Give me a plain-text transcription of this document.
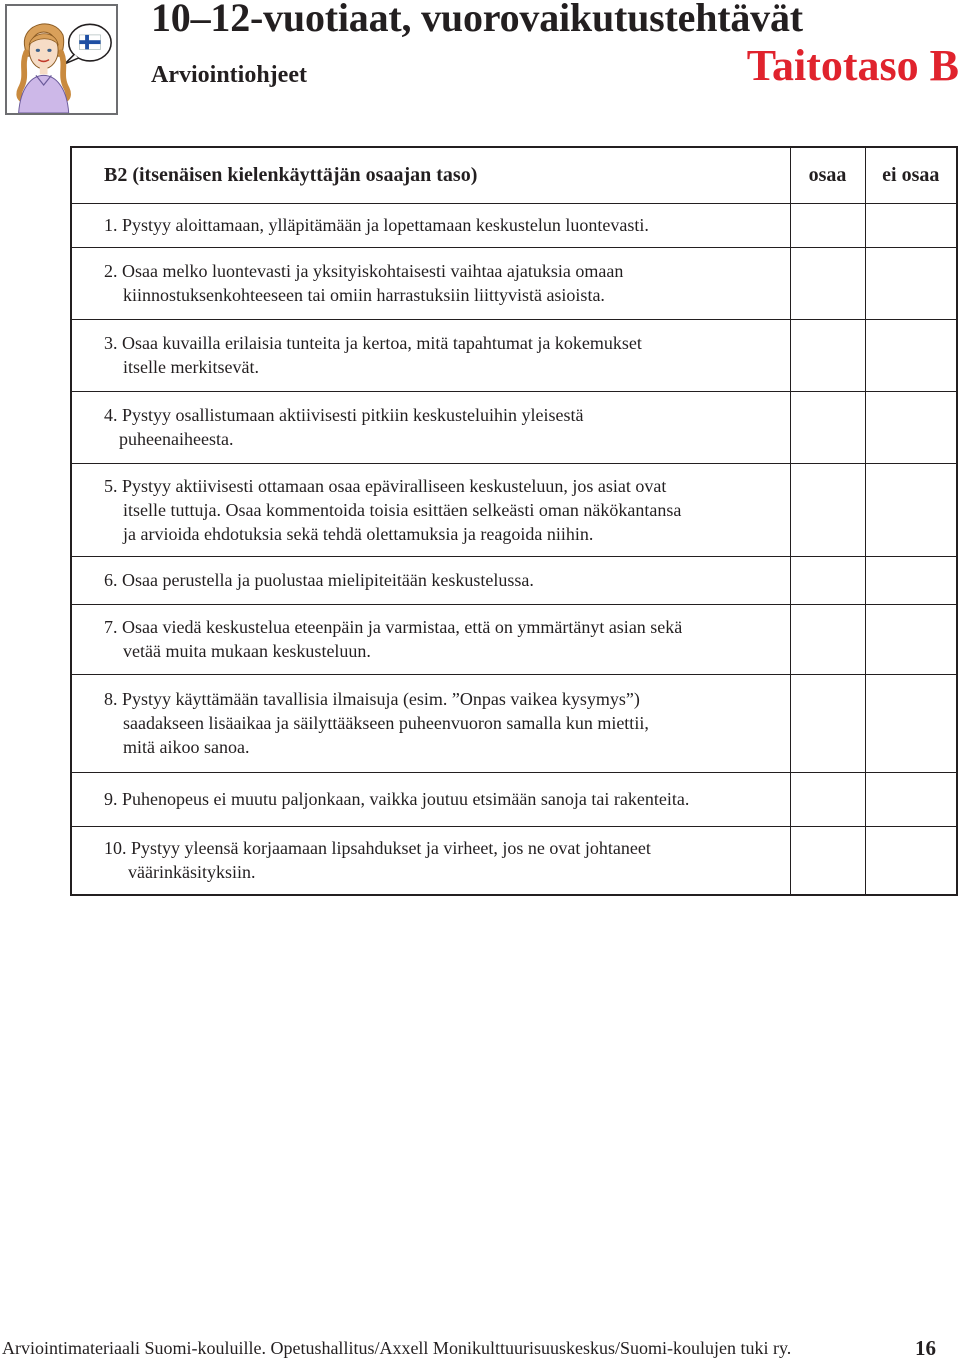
10–12-vuotiaat, vuorovaikutustehtävät
Arviointiohjeet	Taitotaso B
B2 (itsenäisen kielenkäyttäjän osaajan taso)	osaa	ei osaa

1. Pystyy aloittamaan, ylläpitämään ja lopettamaan keskustelun luontevasti.		

2. Osaa melko luontevasti ja yksityiskohtaisesti vaihtaa ajatuksia omaan
kiinnostuksenkohteeseen tai omiin harrastuksiin liittyvistä asioista.		

3. Osaa kuvailla erilaisia tunteita ja kertoa, mitä tapahtumat ja kokemukset
itselle merkitsevät.		

4. Pystyy osallistumaan aktiivisesti pitkiin keskusteluihin yleisestä
puheenaiheesta.		

5. Pystyy aktiivisesti ottamaan osaa epäviralliseen keskusteluun, jos asiat ovat
itselle tuttuja. Osaa kommentoida toisia esittäen selkeästi oman näkökantansa
ja arvioida ehdotuksia sekä tehdä olettamuksia ja reagoida niihin.		

6. Osaa perustella ja puolustaa mielipiteitään keskustelussa.		

7. Osaa viedä keskustelua eteenpäin ja varmistaa, että on ymmärtänyt asian sekä
vetää muita mukaan keskusteluun.		

8. Pystyy käyttämään tavallisia ilmaisuja (esim. ”Onpas vaikea kysymys”)
saadakseen lisäaikaa ja säilyttääkseen puheenvuoron samalla kun miettii,
mitä aikoo sanoa.		

9. Puhenopeus ei muutu paljonkaan, vaikka joutuu etsimään sanoja tai rakenteita.		

10. Pystyy yleensä korjaamaan lipsahdukset ja virheet, jos ne ovat johtaneet
väärinkäsityksiin.		

Arviointimateriaali Suomi-kouluille. Opetushallitus/Axxell Monikulttuurisuuskeskus/Suomi-koulujen tuki ry.	16
